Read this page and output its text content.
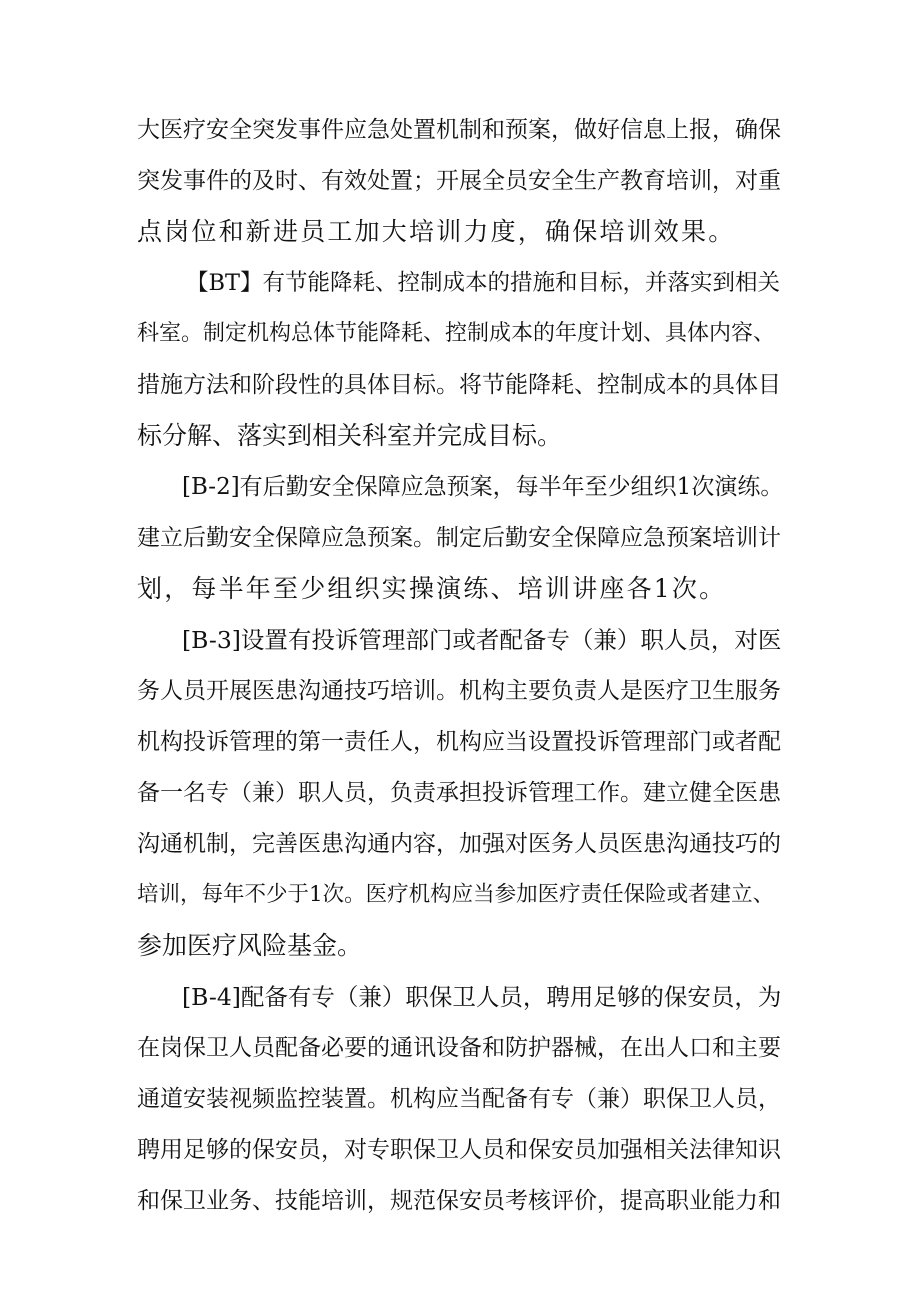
大医疗安全突发事件应急处置机制和预案，做好信息上报，确保
突发事件的及时、有效处置；开展全员安全生产教育培训，对重
点岗位和新进员工加大培训力度，确保培训效果。
【BT】有节能降耗、控制成本的措施和目标，并落实到相关
科室。制定机构总体节能降耗、控制成本的年度计划、具体内容、
措施方法和阶段性的具体目标。将节能降耗、控制成本的具体目
标分解、落实到相关科室并完成目标。
[B-2]有后勤安全保障应急预案，每半年至少组织1次演练。
建立后勤安全保障应急预案。制定后勤安全保障应急预案培训计
划，每半年至少组织实操演练、培训讲座各1次。
[B-3]设置有投诉管理部门或者配备专（兼）职人员，对医
务人员开展医患沟通技巧培训。机构主要负责人是医疗卫生服务
机构投诉管理的第一责任人，机构应当设置投诉管理部门或者配
备一名专（兼）职人员，负责承担投诉管理工作。建立健全医患
沟通机制，完善医患沟通内容，加强对医务人员医患沟通技巧的
培训，每年不少于1次。医疗机构应当参加医疗责任保险或者建立、
参加医疗风险基金。
[B-4]配备有专（兼）职保卫人员，聘用足够的保安员，为
在岗保卫人员配备必要的通讯设备和防护器械，在出人口和主要
通道安装视频监控装置。机构应当配备有专（兼）职保卫人员，
聘用足够的保安员，对专职保卫人员和保安员加强相关法律知识
和保卫业务、技能培训，规范保安员考核评价，提高职业能力和
